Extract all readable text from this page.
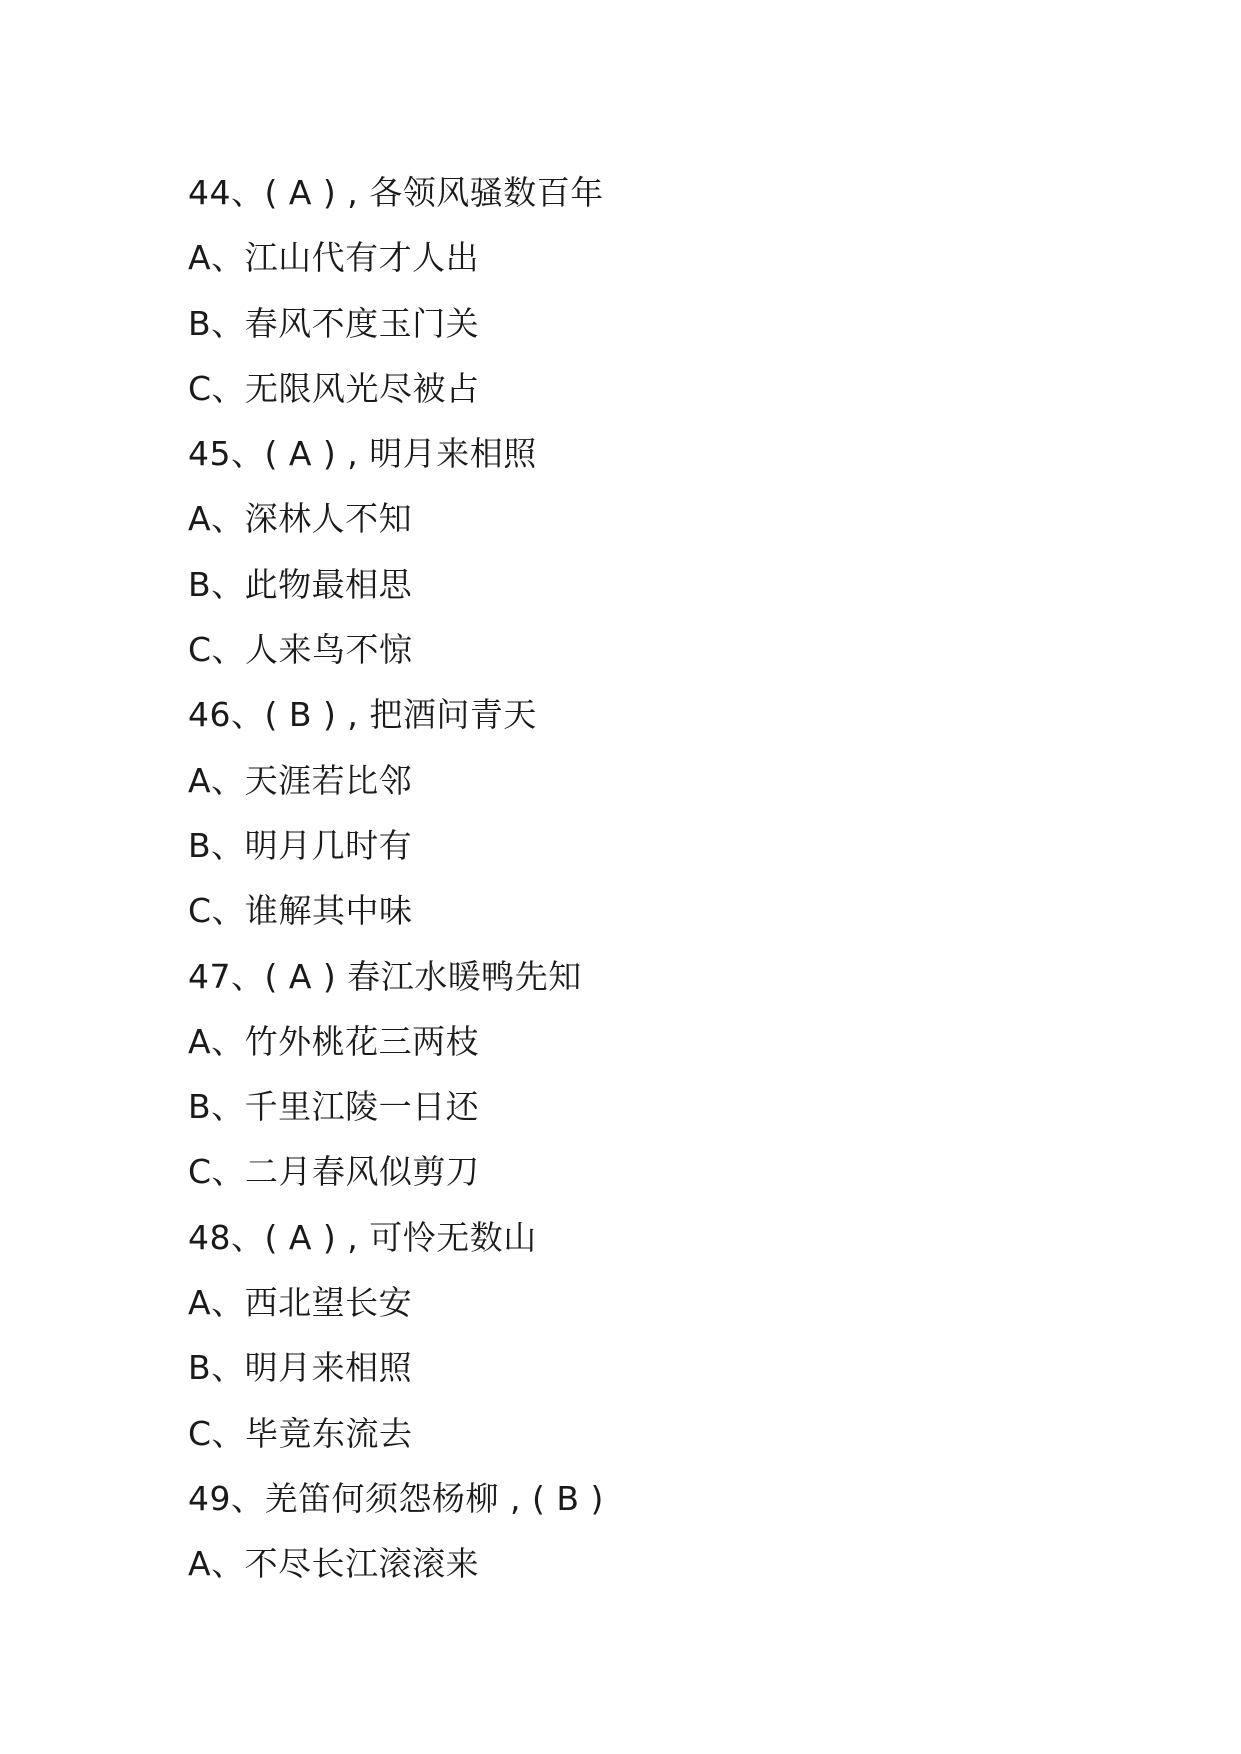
44、( A ) , 各领风骚数百年
A、江山代有才人出
B、春风不度玉门关
C、无限风光尽被占
45、( A ) , 明月来相照
A、深林人不知
B、此物最相思
C、人来鸟不惊
46、( B ) , 把酒问青天
A、天涯若比邻
B、明月几时有
C、谁解其中味
47、( A ) 春江水暖鸭先知
A、竹外桃花三两枝
B、千里江陵一日还
C、二月春风似剪刀
48、( A ) , 可怜无数山
A、西北望长安
B、明月来相照
C、毕竟东流去
49、羌笛何须怨杨柳 , ( B )
A、不尽长江滚滚来
